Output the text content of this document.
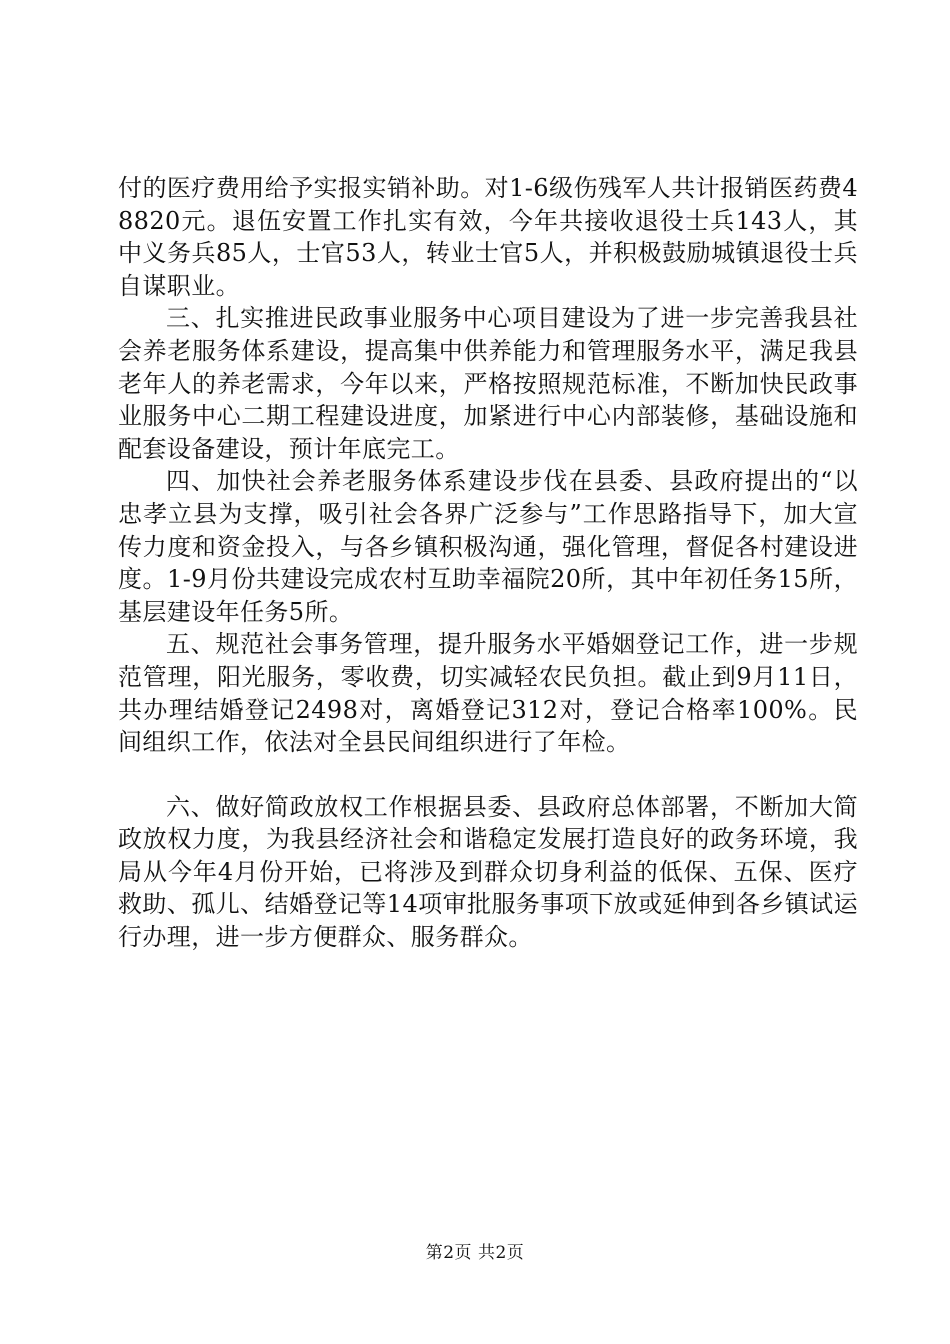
付的医疗费用给予实报实销补助。对1-6级伤残军人共计报销医药费48820元。退伍安置工作扎实有效，今年共接收退役士兵143人，其中义务兵85人，士官53人，转业士官5人，并积极鼓励城镇退役士兵自谋职业。

三、扎实推进民政事业服务中心项目建设为了进一步完善我县社会养老服务体系建设，提高集中供养能力和管理服务水平，满足我县老年人的养老需求，今年以来，严格按照规范标准，不断加快民政事业服务中心二期工程建设进度，加紧进行中心内部装修，基础设施和配套设备建设，预计年底完工。

四、加快社会养老服务体系建设步伐在县委、县政府提出的“以忠孝立县为支撑，吸引社会各界广泛参与”工作思路指导下，加大宣传力度和资金投入，与各乡镇积极沟通，强化管理，督促各村建设进度。1-9月份共建设完成农村互助幸福院20所，其中年初任务15所，基层建设年任务5所。

五、规范社会事务管理，提升服务水平婚姻登记工作，进一步规范管理，阳光服务，零收费，切实减轻农民负担。截止到9月11日，共办理结婚登记2498对，离婚登记312对，登记合格率100%。民间组织工作，依法对全县民间组织进行了年检。

六、做好简政放权工作根据县委、县政府总体部署，不断加大简政放权力度，为我县经济社会和谐稳定发展打造良好的政务环境，我局从今年4月份开始，已将涉及到群众切身利益的低保、五保、医疗救助、孤儿、结婚登记等14项审批服务事项下放或延伸到各乡镇试运行办理，进一步方便群众、服务群众。

第2页 共2页
